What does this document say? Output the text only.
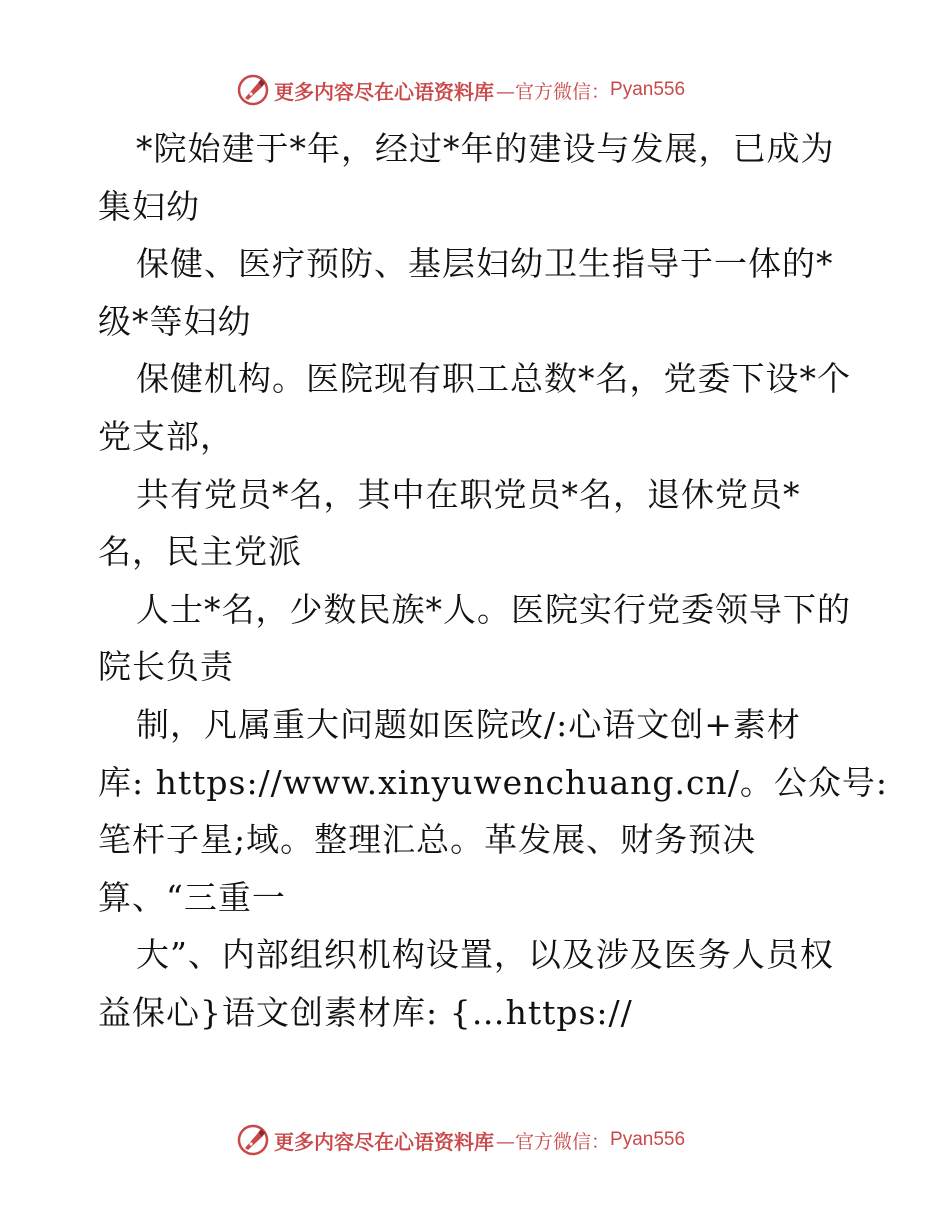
更多内容尽在心语资料库 —官方微信： Pyan556
*院始建于*年，经过*年的建设与发展，已成为
集妇幼
保健、医疗预防、基层妇幼卫生指导于一体的*
级*等妇幼
保健机构。医院现有职工总数*名，党委下设*个
党支部，
共有党员*名，其中在职党员*名，退休党员*
名，民主党派
人士*名，少数民族*人。医院实行党委领导下的
院长负责
制，凡属重大问题如医院改/:心语文创+素材
库: https://www.xinyuwenchuang.cn/。公众号:
笔杆子星;域。整理汇总。革发展、财务预决
算、“三重一
大”、内部组织机构设置，以及涉及医务人员权
益保心}语文创素材库: {…https://
更多内容尽在心语资料库 —官方微信： Pyan556
